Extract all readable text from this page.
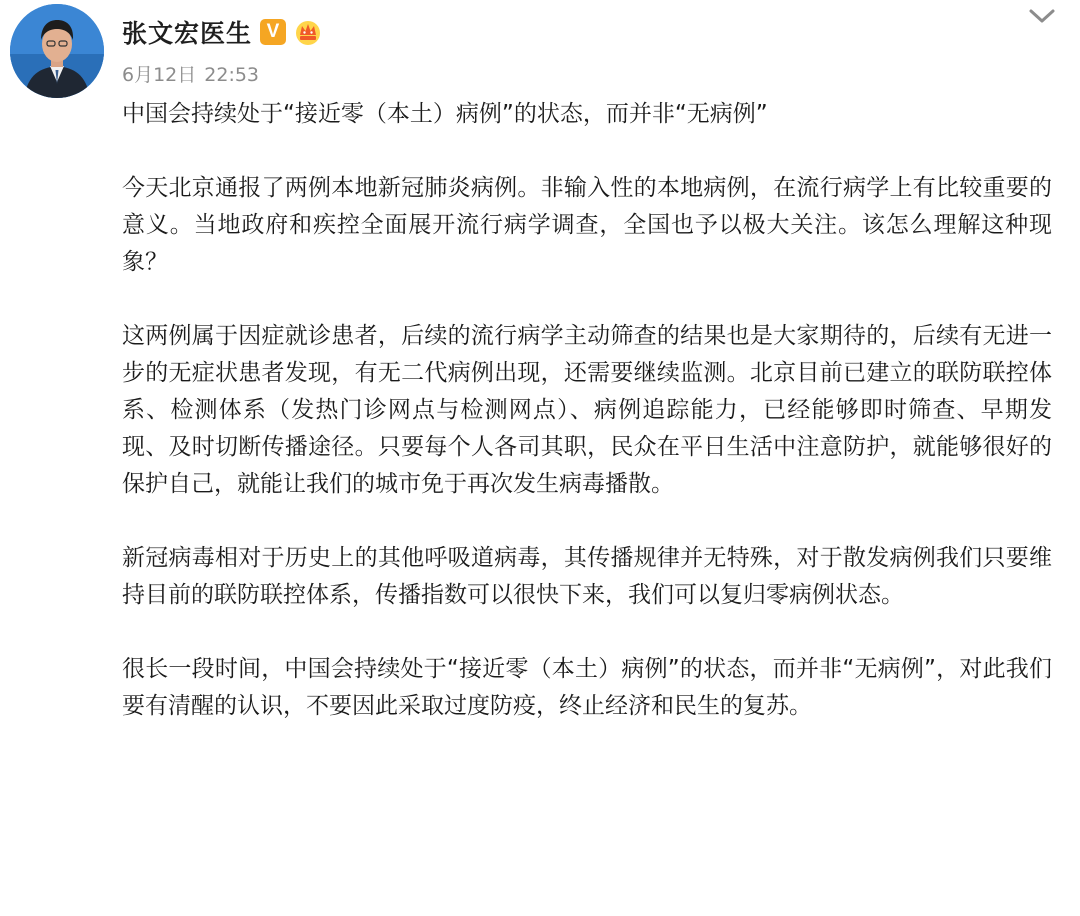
张文宏医生 V
6月12日 22:53

中国会持续处于“接近零（本土）病例”的状态，而并非“无病例”

今天北京通报了两例本地新冠肺炎病例。非输入性的本地病例，在流行病学上有比较重要的意义。当地政府和疾控全面展开流行病学调查，全国也予以极大关注。该怎么理解这种现象？

这两例属于因症就诊患者，后续的流行病学主动筛查的结果也是大家期待的，后续有无进一步的无症状患者发现，有无二代病例出现，还需要继续监测。北京目前已建立的联防联控体系、检测体系（发热门诊网点与检测网点）、病例追踪能力，已经能够即时筛查、早期发现、及时切断传播途径。只要每个人各司其职，民众在平日生活中注意防护，就能够很好的保护自己，就能让我们的城市免于再次发生病毒播散。

新冠病毒相对于历史上的其他呼吸道病毒，其传播规律并无特殊，对于散发病例我们只要维持目前的联防联控体系，传播指数可以很快下来，我们可以复归零病例状态。

很长一段时间，中国会持续处于“接近零（本土）病例”的状态，而并非“无病例”，对此我们要有清醒的认识，不要因此采取过度防疫，终止经济和民生的复苏。
